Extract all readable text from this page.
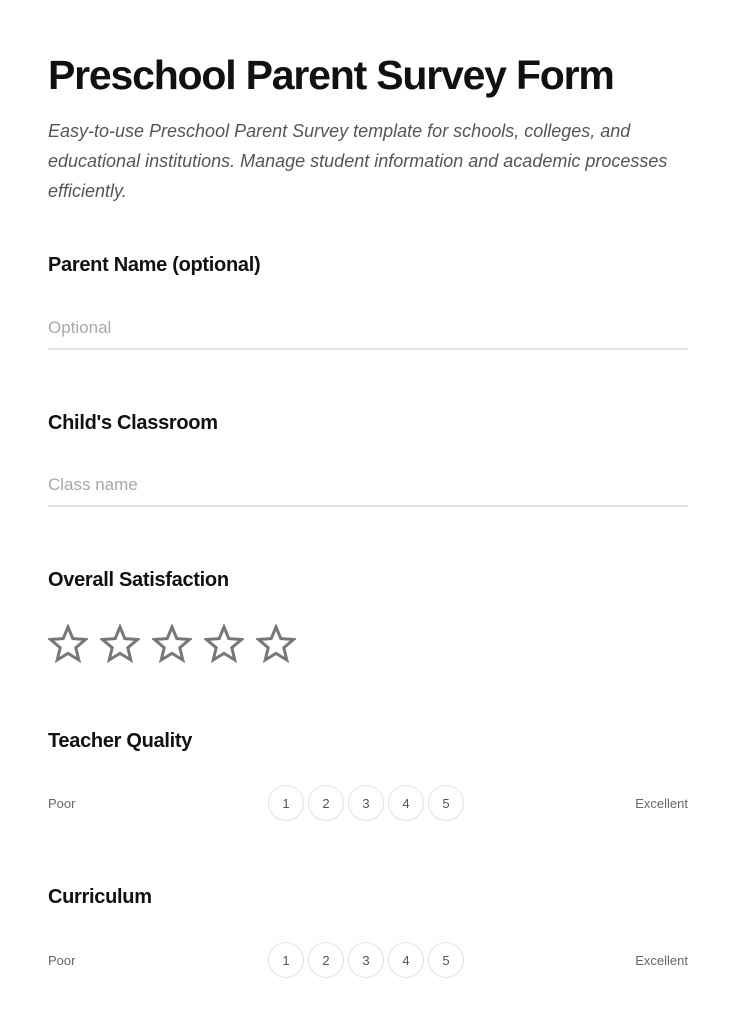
Preschool Parent Survey Form

Easy-to-use Preschool Parent Survey template for schools, colleges, and educational institutions. Manage student information and academic processes efficiently.

Parent Name (optional)
Optional
Child's Classroom
Class name
Overall Satisfaction
Teacher Quality
Poor	1	2	3	4	5	Excellent
Curriculum
Poor	1	2	3	4	5	Excellent
